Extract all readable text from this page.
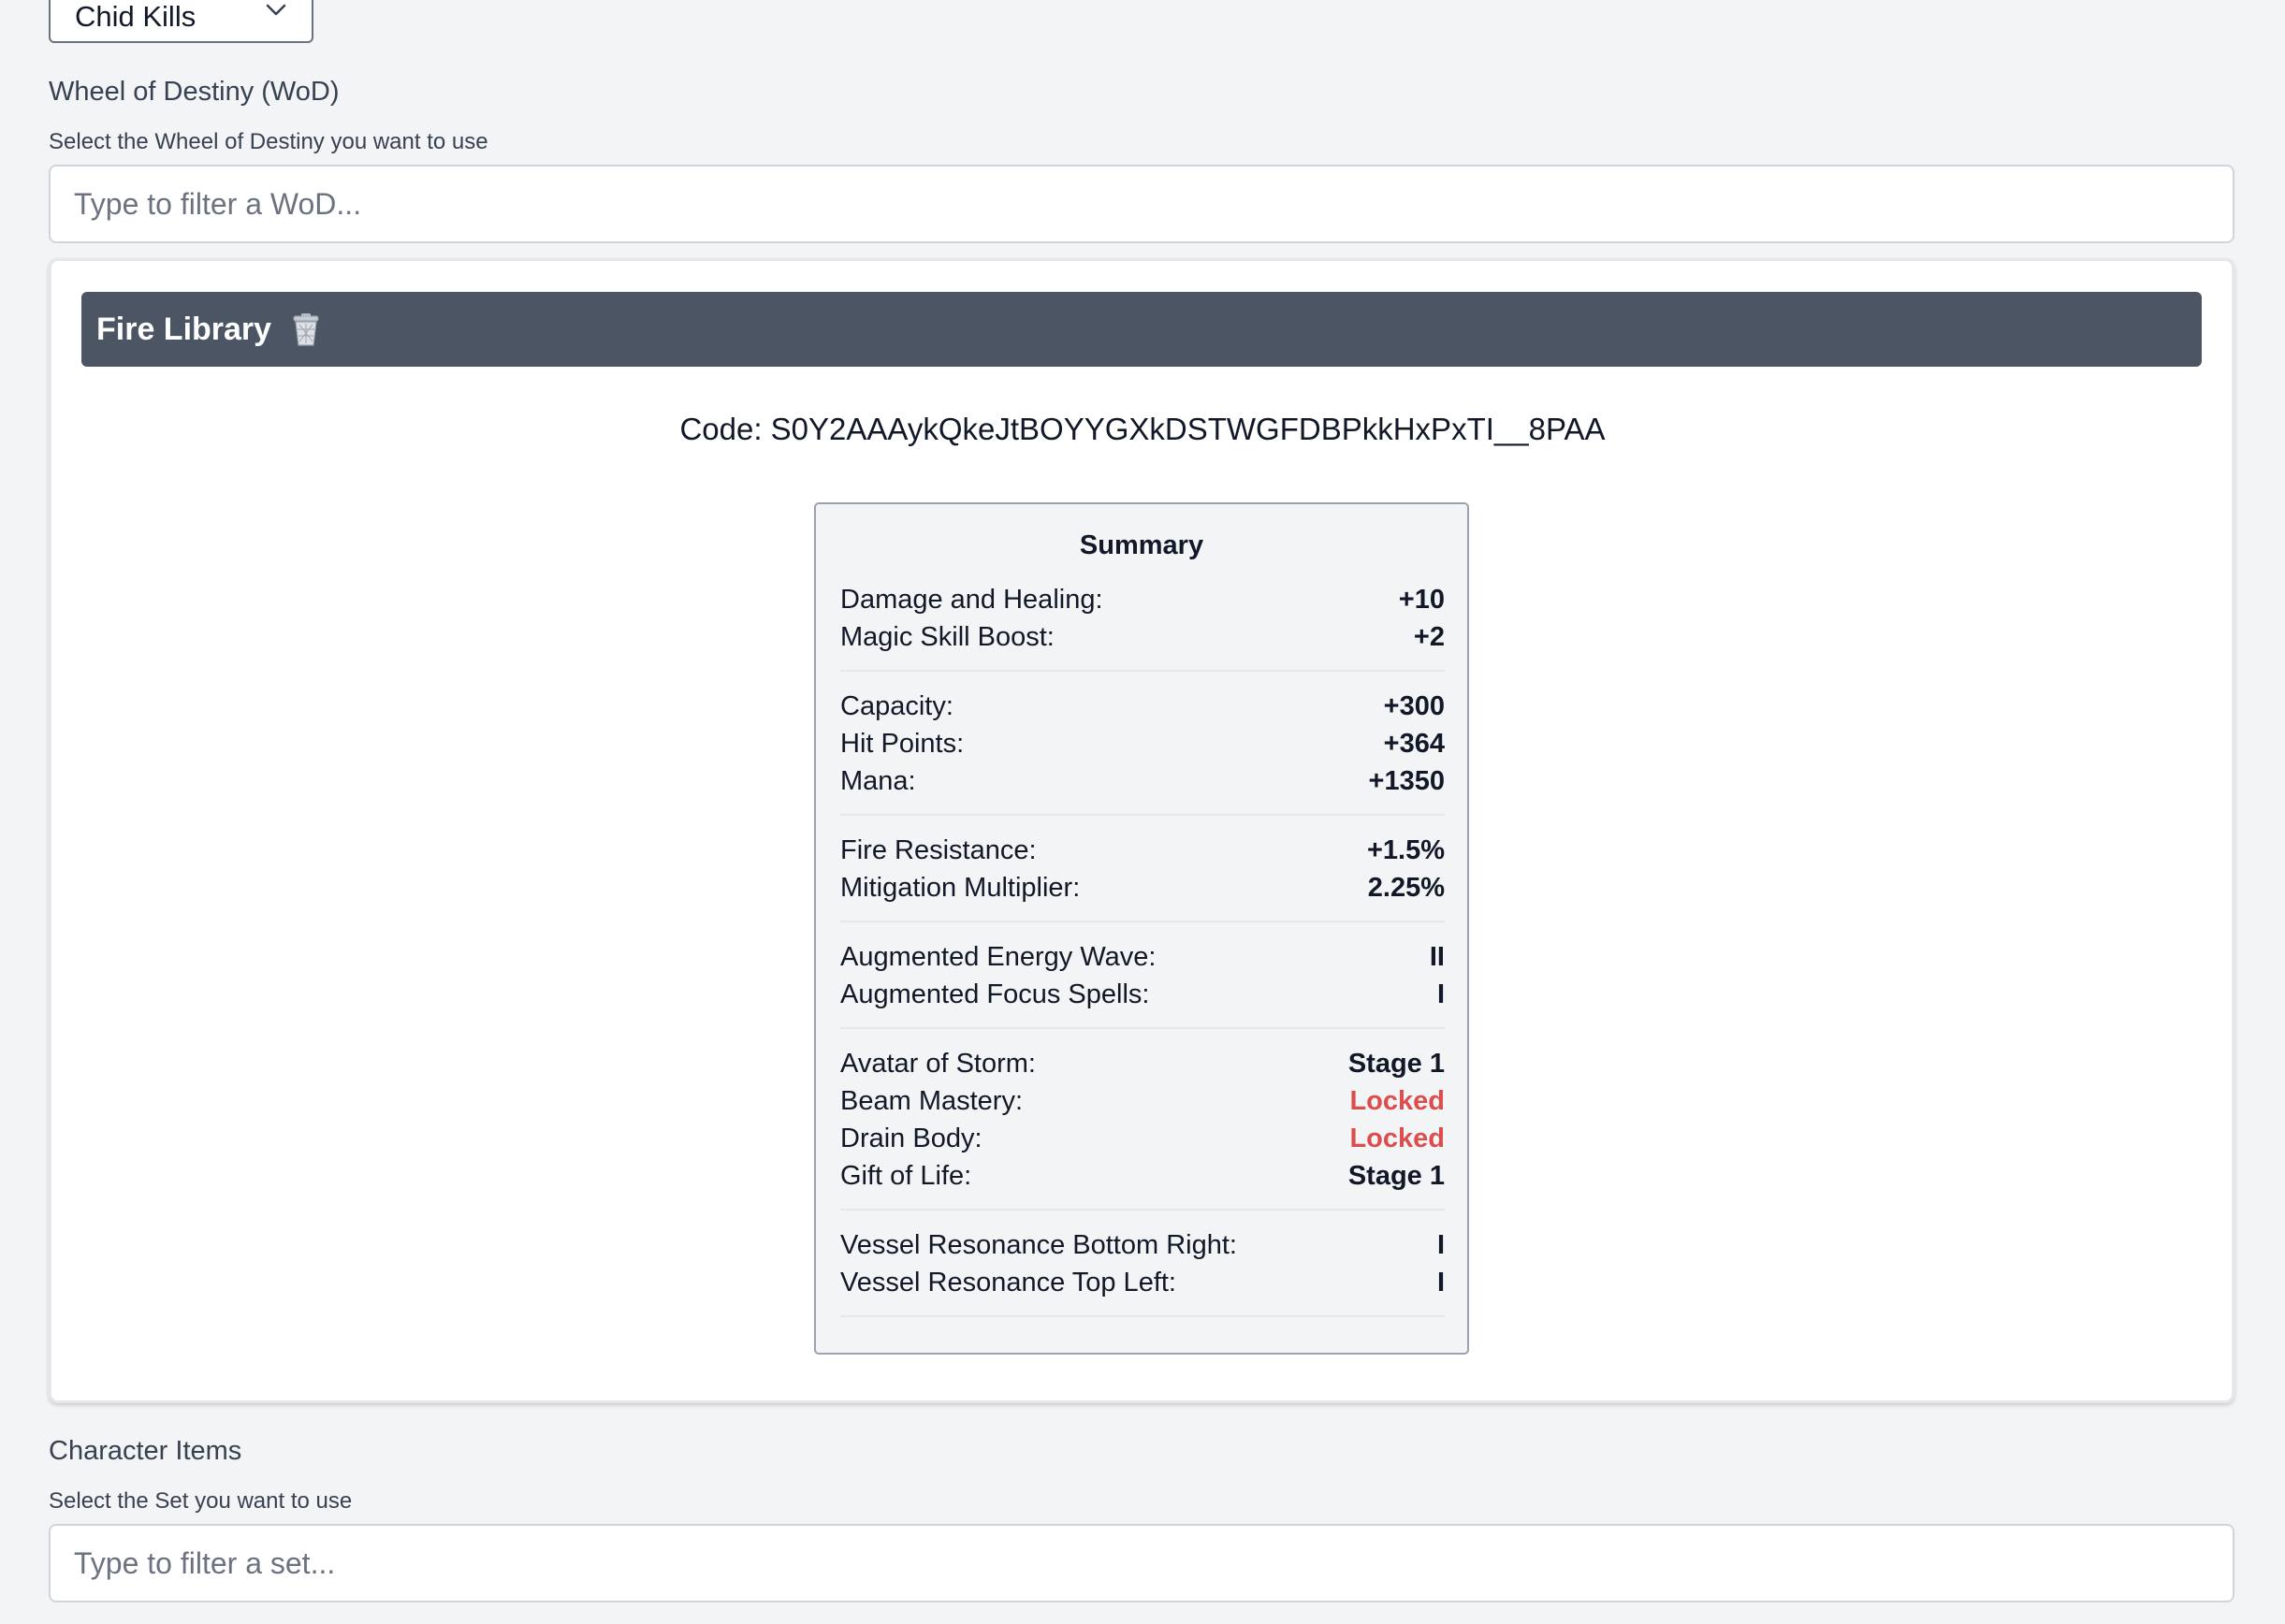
Chid Kills
Wheel of Destiny (WoD)
Select the Wheel of Destiny you want to use
Type to filter a WoD...
Fire Library
Code: S0Y2AAAykQkeJtBOYYGXkDSTWGFDBPkkHxPxTI__8PAA
Summary
Damage and Healing:	+10
Magic Skill Boost:	+2
Capacity:	+300
Hit Points:	+364
Mana:	+1350
Fire Resistance:	+1.5%
Mitigation Multiplier:	2.25%
Augmented Energy Wave:	II
Augmented Focus Spells:	I
Avatar of Storm:	Stage 1
Beam Mastery:	Locked
Drain Body:	Locked
Gift of Life:	Stage 1
Vessel Resonance Bottom Right:	I
Vessel Resonance Top Left:	I
Character Items
Select the Set you want to use
Type to filter a set...
